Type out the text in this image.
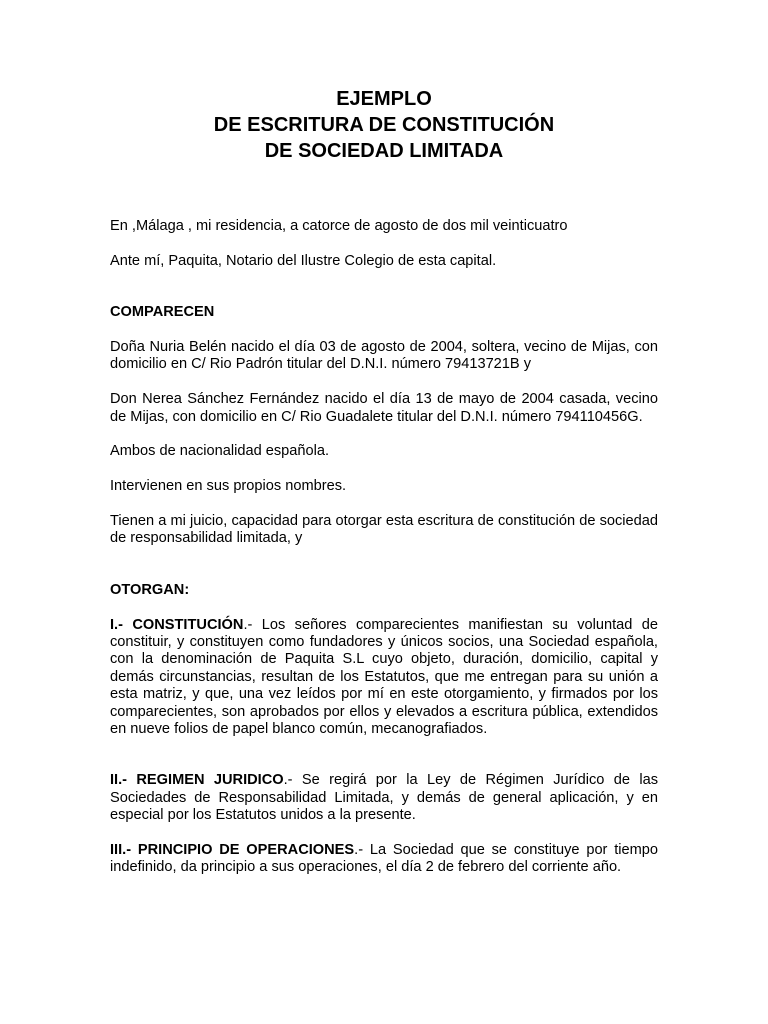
EJEMPLO
DE ESCRITURA DE CONSTITUCIÓN
DE SOCIEDAD LIMITADA

En ,Málaga , mi residencia, a catorce de agosto de dos mil veinticuatro

Ante mí, Paquita, Notario del Ilustre Colegio de esta capital.

COMPARECEN

Doña Nuria Belén nacido el día 03 de agosto de 2004, soltera, vecino de Mijas, con domicilio en C/ Rio Padrón titular del D.N.I. número 79413721B y

Don Nerea Sánchez Fernández nacido el día 13 de mayo de 2004 casada, vecino de Mijas, con domicilio en C/ Rio Guadalete titular del D.N.I. número 794110456G.

Ambos de nacionalidad española.

Intervienen en sus propios nombres.

Tienen a mi juicio, capacidad para otorgar esta escritura de constitución de sociedad de responsabilidad limitada, y

OTORGAN:

I.- CONSTITUCIÓN.- Los señores comparecientes manifiestan su voluntad de constituir, y constituyen como fundadores y únicos socios, una Sociedad española, con la denominación de Paquita S.L cuyo objeto, duración, domicilio, capital y demás circunstancias, resultan de los Estatutos, que me entregan para su unión a esta matriz, y que, una vez leídos por mí en este otorgamiento, y firmados por los comparecientes, son aprobados por ellos y elevados a escritura pública, extendidos en nueve folios de papel blanco común, mecanografiados.

II.- REGIMEN JURIDICO.- Se regirá por la Ley de Régimen Jurídico de las Sociedades de Responsabilidad Limitada, y demás de general aplicación, y en especial por los Estatutos unidos a la presente.

III.- PRINCIPIO DE OPERACIONES.- La Sociedad que se constituye por tiempo indefinido, da principio a sus operaciones, el día 2 de febrero del corriente año.
